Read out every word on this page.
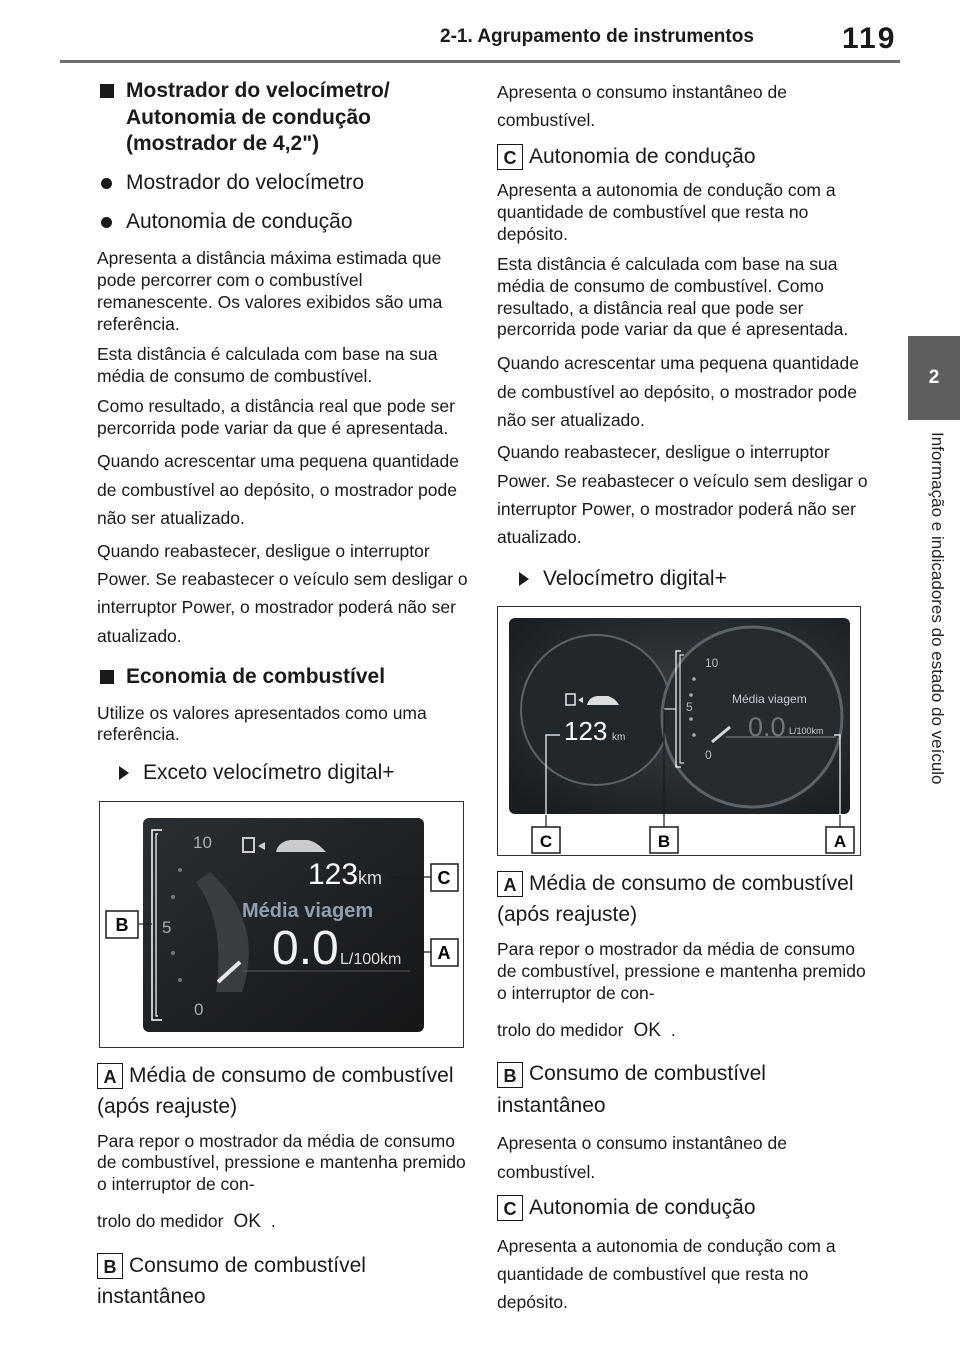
2-1. Agrupamento de instrumentos	119
2
Informação e indicadores do estado do veículo
Mostrador do velocímetro/ Autonomia de condução (mostrador de 4,2")
Mostrador do velocímetro
Autonomia de condução

Apresenta a distância máxima estimada que pode percorrer com o combustível remanescente. Os valores exibidos são uma referência.

Esta distância é calculada com base na sua média de consumo de combustível.

Como resultado, a distância real que pode ser percorrida pode variar da que é apresentada.

Quando acrescentar uma pequena quantidade de combustível ao depósito, o mostrador pode não ser atualizado.

Quando reabastecer, desligue o interruptor Power. Se reabastecer o veículo sem desligar o interruptor Power, o mostrador poderá não ser atualizado.

Economia de combustível

Utilize os valores apresentados como uma referência.

Exceto velocímetro digital+
10
5
0
123 km
Média viagem
0.0 L/100km
B
C
A
A Média de consumo de combustível (após reajuste)

Para repor o mostrador da média de consumo de combustível, pressione e mantenha premido o interruptor de con-

trolo do medidor OK .

B Consumo de combustível instantâneo

Apresenta o consumo instantâneo de combustível.

C Autonomia de condução

Apresenta a autonomia de condução com a quantidade de combustível que resta no depósito.

Esta distância é calculada com base na sua média de consumo de combustível. Como resultado, a distância real que pode ser percorrida pode variar da que é apresentada.

Quando acrescentar uma pequena quantidade de combustível ao depósito, o mostrador pode não ser atualizado.

Quando reabastecer, desligue o interruptor Power. Se reabastecer o veículo sem desligar o interruptor Power, o mostrador poderá não ser atualizado.

Velocímetro digital+
10
5
0
123 km
Média viagem
0.0 L/100km
C	B	A
A Média de consumo de combustível (após reajuste)

Para repor o mostrador da média de consumo de combustível, pressione e mantenha premido o interruptor de con-

trolo do medidor OK .

B Consumo de combustível instantâneo

Apresenta o consumo instantâneo de combustível.

C Autonomia de condução

Apresenta a autonomia de condução com a quantidade de combustível que resta no depósito.
